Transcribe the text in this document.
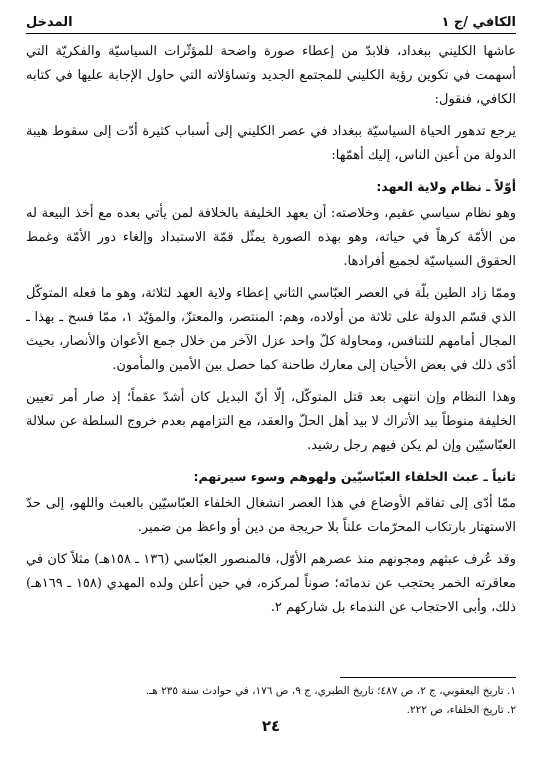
الكافي /ج ١
المدخل

عاشها الكليني ببغداد، فلابدّ من إعطاء صورة واضحة للمؤثّرات السياسيّة والفكريّة التي أسهمت في تكوين رؤية الكليني للمجتمع الجديد وتساؤلاته التي حاول الإجابة عليها في كتابه الكافي، فنقول:

يرجع تدهور الحياة السياسيّة ببغداد في عصر الكليني إلى أسباب كثيرة أدّت إلى سقوط هيبة الدولة من أعين الناس، إليك أهمّها:

أوّلاً ـ نظام ولاية العهد:

وهو نظام سياسي عقيم، وخلاصته: أن يعهد الخليفة بالخلافة لمن يأتي بعده مع أخذ البيعة له من الأمّة كرهاً في حياته، وهو بهذه الصورة يمثّل قمّة الاستبداد وإلغاء دور الأمّة وغمط الحقوق السياسيّة لجميع أفرادها.

وممّا زاد الطين بلّة في العصر العبّاسي الثاني إعطاء ولاية العهد لثلاثة، وهو ما فعله المتوكّل الذي قسّم الدولة على ثلاثة من أولاده، وهم: المنتصر، والمعتزّ، والمؤيّد ١، ممّا فسح ـ بهذا ـ المجال أمامهم للتنافس، ومحاولة كلّ واحد عزل الآخر من خلال جمع الأعوان والأنصار، بحيث أدّى ذلك في بعض الأحيان إلى معارك طاحنة كما حصل بين الأمين والمأمون.

وهذا النظام وإن انتهى بعد قتل المتوكّل، إلّا أنّ البديل كان أشدّ عقماً؛ إذ صار أمر تعيين الخليفة منوطاً بيد الأتراك لا بيد أهل الحلّ والعقد، مع التزامهم بعدم خروج السلطة عن سلالة العبّاسيّين وإن لم يكن فيهم رجل رشيد.

ثانياً ـ عبث الخلفاء العبّاسيّين ولهوهم وسوء سيرتهم:

ممّا أدّى إلى تفاقم الأوضاع في هذا العصر انشغال الخلفاء العبّاسيّين بالعبث واللهو، إلى حدّ الاستهتار بارتكاب المحرّمات علناً بلا حريجة من دين أو واعظ من ضمير.

وقد عُرف عبثهم ومجونهم منذ عصرهم الأوّل، فالمنصور العبّاسي (١٣٦ ـ ١٥٨هـ) مثلاً كان في معاقرته الخمر يحتجب عن ندمائه؛ صوناً لمركزه، في حين أعلن ولده المهدي (١٥٨ ـ ١٦٩هـ) ذلك، وأبى الاحتجاب عن الندماء بل شاركهم ٢.

١. تاريخ اليعقوبي، ج ٢، ص ٤٨٧؛ تاريخ الطبري، ج ٩، ص ١٧٦، في حوادث سنة ٢٣٥ هـ.
٢. تاريخ الخلفاء، ص ٢٢٢.
٢٤
